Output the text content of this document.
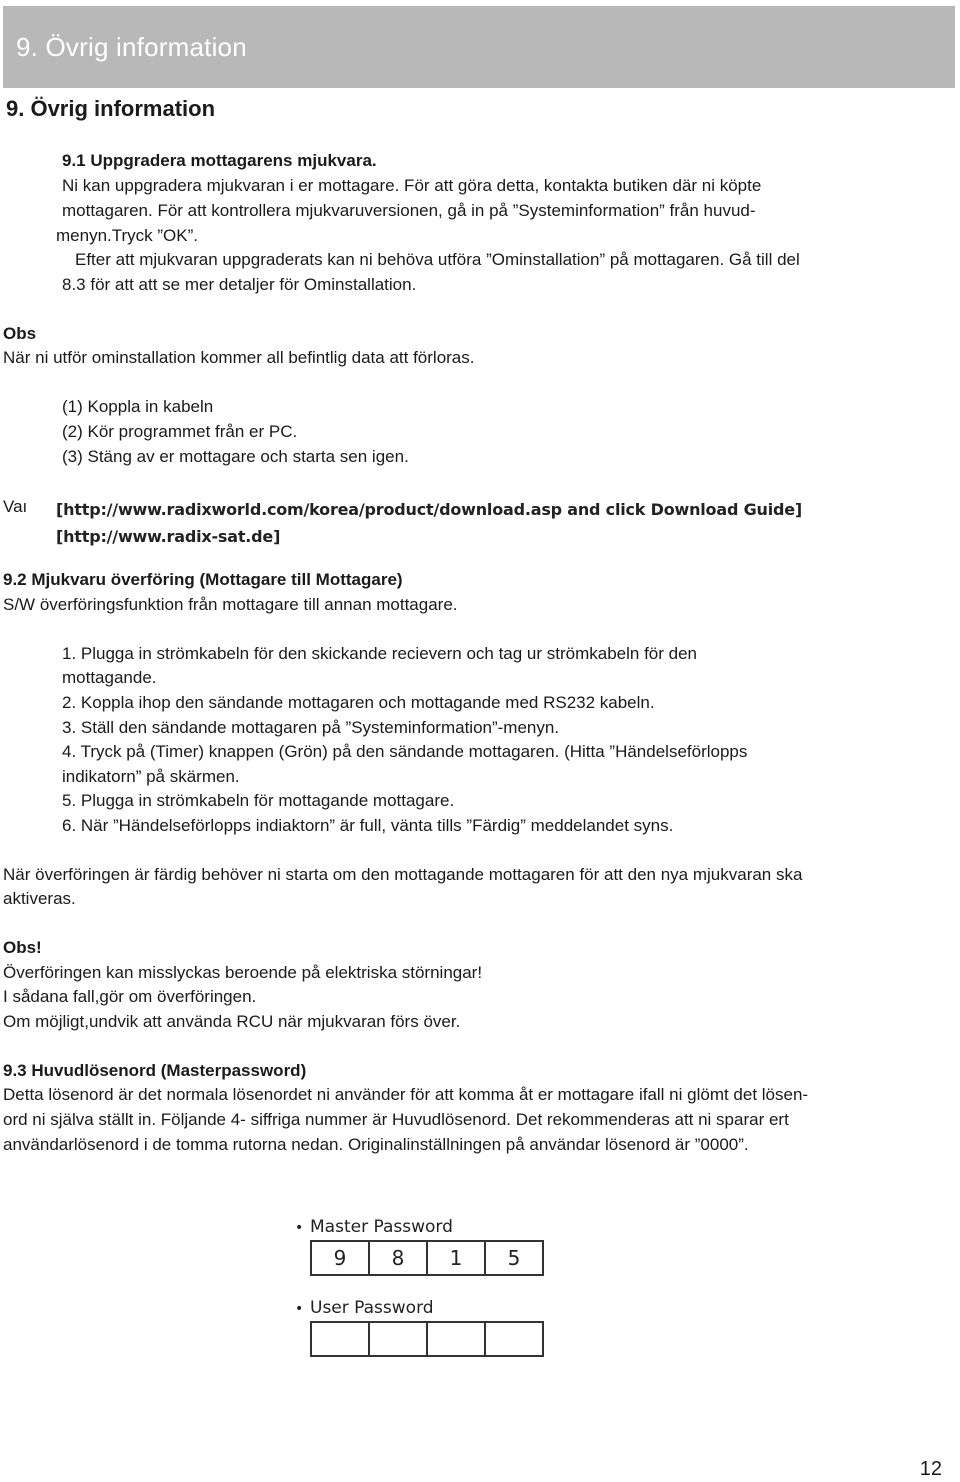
9. Övrig information
9. Övrig information
9.1 Uppgradera mottagarens mjukvara.
Ni kan uppgradera mjukvaran i er mottagare. För att göra detta, kontakta butiken där ni köpte
mottagaren. För att kontrollera mjukvaruversionen, gå in på ”Systeminformation” från huvud-
menyn.Tryck ”OK”.
Efter att mjukvaran uppgraderats kan ni behöva utföra ”Ominstallation” på mottagaren. Gå till del
8.3 för att att se mer detaljer för Ominstallation.
Obs
När ni utför ominstallation kommer all befintlig data att förloras.
(1) Koppla in kabeln
(2) Kör programmet från er PC.
(3) Stäng av er mottagare och starta sen igen.
Vaı [http://www.radixworld.com/korea/product/download.asp and click Download Guide]
[http://www.radix-sat.de]
9.2 Mjukvaru överföring (Mottagare till Mottagare)
S/W överföringsfunktion från mottagare till annan mottagare.
1. Plugga in strömkabeln för den skickande recievern och tag ur strömkabeln för den
mottagande.
2. Koppla ihop den sändande mottagaren och mottagande med RS232 kabeln.
3. Ställ den sändande mottagaren på ”Systeminformation”-menyn.
4. Tryck på (Timer) knappen (Grön) på den sändande mottagaren. (Hitta ”Händelseförlopps
indikatorn” på skärmen.
5. Plugga in strömkabeln för mottagande mottagare.
6. När ”Händelseförlopps indiaktorn” är full, vänta tills ”Färdig” meddelandet syns.
När överföringen är färdig behöver ni starta om den mottagande mottagaren för att den nya mjukvaran ska
aktiveras.
Obs!
Överföringen kan misslyckas beroende på elektriska störningar!
I sådana fall,gör om överföringen.
Om möjligt,undvik att använda RCU när mjukvaran förs över.
9.3 Huvudlösenord (Masterpassword)
Detta lösenord är det normala lösenordet ni använder för att komma åt er mottagare ifall ni glömt det lösen-
ord ni själva ställt in. Följande 4- siffriga nummer är Huvudlösenord. Det rekommenderas att ni sparar ert
användarlösenord i de tomma rutorna nedan. Originalinställningen på användar lösenord är ”0000”.
• Master Password
9	8	1	5
• User Password
12
